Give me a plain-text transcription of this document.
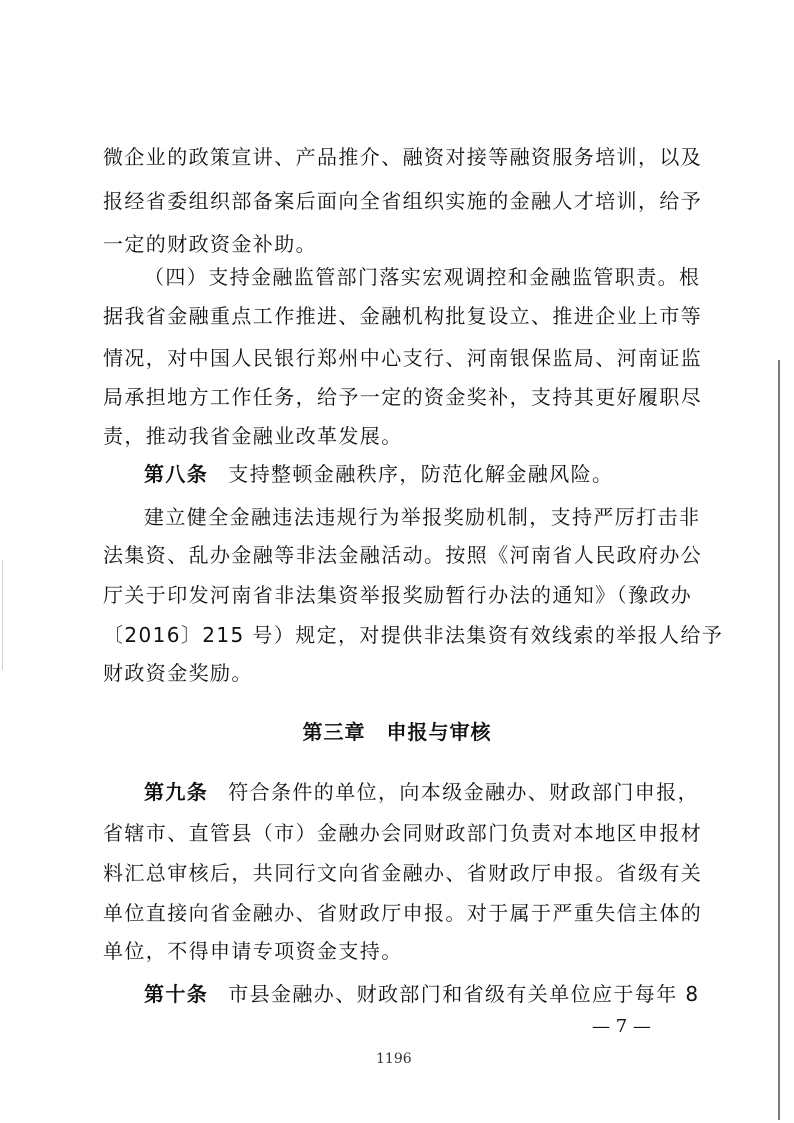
微企业的政策宣讲、产品推介、融资对接等融资服务培训，以及
报经省委组织部备案后面向全省组织实施的金融人才培训，给予
一定的财政资金补助。
（四）支持金融监管部门落实宏观调控和金融监管职责。根
据我省金融重点工作推进、金融机构批复设立、推进企业上市等
情况，对中国人民银行郑州中心支行、河南银保监局、河南证监
局承担地方工作任务，给予一定的资金奖补，支持其更好履职尽
责，推动我省金融业改革发展。
第八条 支持整顿金融秩序，防范化解金融风险。
建立健全金融违法违规行为举报奖励机制，支持严厉打击非
法集资、乱办金融等非法金融活动。按照《河南省人民政府办公
厅关于印发河南省非法集资举报奖励暂行办法的通知》（豫政办
〔2016〕215 号）规定，对提供非法集资有效线索的举报人给予
财政资金奖励。
第三章　申报与审核
第九条 符合条件的单位，向本级金融办、财政部门申报，
省辖市、直管县（市）金融办会同财政部门负责对本地区申报材
料汇总审核后，共同行文向省金融办、省财政厅申报。省级有关
单位直接向省金融办、省财政厅申报。对于属于严重失信主体的
单位，不得申请专项资金支持。
第十条 市县金融办、财政部门和省级有关单位应于每年 8
— 7 —
1196
